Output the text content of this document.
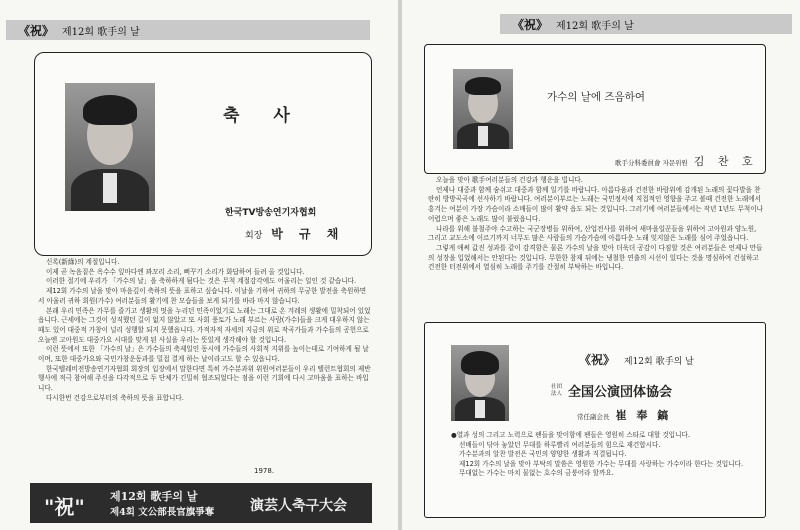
《祝》 제12회 歌手의 날
축 사
한국TV방송연기자협회
회장 박 규 채

신록(新綠)의 계절입니다.

이제 곧 녹음짙은 옥수수 잎마다엔 꽈꼬리 소리, 뻐꾸기 소리가 화답하여 들려 올 것입니다.

이러한 절기에 우리가 「가수의 날」을 축하하게 됨다는 것은 무척 계절감각에도 어울리는 일인 것 같습니다.

제12회 가수의 날을 맞아 마음깊이 축하의 뜻을 표하고 싶습니다. 이날을 기하여 귀하의 무궁한 발전을 축원하면서 아울러 귀하 회원(가수) 여러분들의 활기에 찬 모습들을 보게 되기를 바라 마지 않습니다.

본래 우리 민족은 가무를 즐기고 생활의 멋을 누리던 민족이었기로 노래는 그대로 온 겨레의 생활에 밀착되어 있었읍니다. 근세에는 그것이 성직했던 길이 없지 않았고 또 사회 풍토가 노래 부르는 사람(가수)들을 크게 대우하지 않는 때도 있어 대중적 가창이 널리 성행할 되지 못했읍니다. 가적자적 자세의 지금의 위로 작곡가들과 가수들의 공헌으로 오늘엔 고아원도 대중가요 시대를 맞게 된 사실을 우리는 뜻있게 생각해야 할 것입니다.

이런 뜻에서 또한 「가수의 날」은 가수들의 축제일인 동시에 가수들의 사회적 지위를 높이는데로 기여하게 될 날이며, 또한 대중가요와 국민가창운동과를 밀접 결게 하는 날이라고도 할 수 있읍니다.

한국텔레비전방송연기자협회 회장의 입장에서 말한다면 특히 가수분과위 위원여러분들이 우리 텔런트협회의 제반 행사에 적극 참여해 주신을 다각적으로 두 단체가 긴밀히 협조되었다는 점을 이런 기회에 다시 고마움을 표하는 바입니다.

다시한번 건강으로부터의 축하의 뜻을 표합니다.

1978.
"祝" 제12회 歌手의 날
제4회 文公部長官旗爭奪	演芸人축구大会
《祝》 제12회 歌手의 날
가수의 날에 즈음하여
歌手分科委員會 자문위원 김 찬 호

오늘을 맞아 歌手여러분들의 건강과 행운을 빕니다.

언제나 대중과 함께 숨쉬고 대중과 함께 일기를 바랍니다. 아름다움과 건전한 바람위에 감개된 노래의 꽃다발을 찬란히 방방곡곡에 선사하기 바랍니다. 여러분이부르는 노래는 국민정서에 직접적인 영향을 주고 볼때 건전한 노래에서 흥겨는 여분이 가장 가슴이라 소매들이 많이 활약 읍도 되는 것입니다. 그러기에 여러분들에서는 작년 1년도 무척이나 어렵으며 좋은 노래도 많이 불렀읍니다.

나라를 위해 불철주야 수고하는 국군장병들 위하여, 산업전사를 위하여 새마을일꾼들을 위하여 고아원과 양노원, 그리고 교도소에 이르기까지 너무도 많은 사람들의 가슴가슴에 아름다운 노래 잊지않은 노래를 심어 주었읍니다.

그렇게 애써 값진 성과를 같이 감격함은 물론 가수의 날을 맞아 더욱더 공감이 다짐할 것은 여러분들은 언제나 만들의 성장을 입었해서는 안된다는 것입니다. 무한한 참재 뒤에는 냉철한 연출의 시선이 있다는 것을 명심하여 건설하고 건전한 터전위에서 열심히 노래를 주기를 간절히 부탁하는 바입니다.

《祝》 제12회 歌手의 날
社団 法人 全国公演団体協会
常任副会長 崔 奉 鎬

●열과 성의 그리고 노력으로 팬들을 맞이함에 팬들은 영원히 스타로 대할 것입니다.

선배들이 닦아 놓았던 무대를 하루빨리 여러분들의 힘으로 재건합시다.

가수분과의 알찬 발전은 국민의 양양한 생활과 직결됩니다.

제12회 가수의 날을 맞아 부탁의 말씀은 영원한 가수는 무대를 사랑하는 가수이라 한다는 것입니다.

무대없는 가수는 마치 물없는 호수의 금붕어라 할까요.
